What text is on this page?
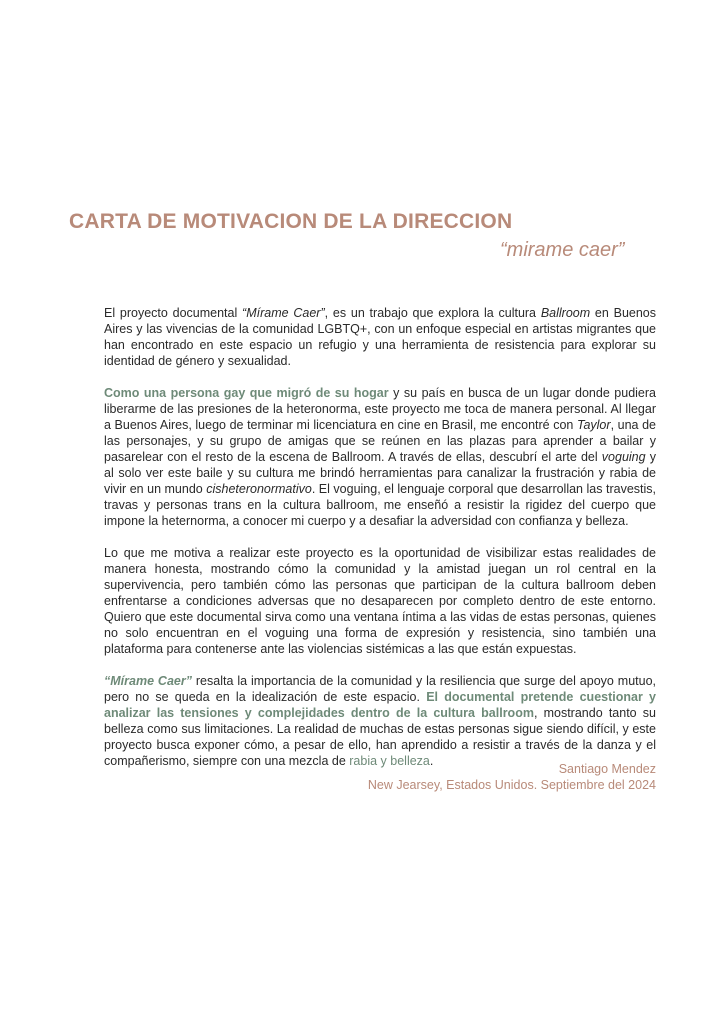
CARTA DE MOTIVACION DE LA DIRECCION
“mirame caer”

El proyecto documental “Mírame Caer”, es un trabajo que explora la cultura Ballroom en Buenos Aires y las vivencias de la comunidad LGBTQ+, con un enfoque especial en artistas migrantes que han encontrado en este espacio un refugio y una herramienta de resistencia para explorar su identidad de género y sexualidad.

Como una persona gay que migró de su hogar y su país en busca de un lugar donde pudiera liberarme de las presiones de la heteronorma, este proyecto me toca de manera personal. Al llegar a Buenos Aires, luego de terminar mi licenciatura en cine en Brasil, me encontré con Taylor, una de las personajes, y su grupo de amigas que se reúnen en las plazas para aprender a bailar y pasarelear con el resto de la escena de Ballroom. A través de ellas, descubrí el arte del voguing y al solo ver este baile y su cultura me brindó herramientas para canalizar la frustración y rabia de vivir en un mundo cisheteronormativo. El voguing, el lenguaje corporal que desarrollan las travestis, travas y personas trans en la cultura ballroom, me enseñó a resistir la rigidez del cuerpo que impone la heternorma, a conocer mi cuerpo y a desafiar la adversidad con confianza y belleza.

Lo que me motiva a realizar este proyecto es la oportunidad de visibilizar estas realidades de manera honesta, mostrando cómo la comunidad y la amistad juegan un rol central en la supervivencia, pero también cómo las personas que participan de la cultura ballroom deben enfrentarse a condiciones adversas que no desaparecen por completo dentro de este entorno. Quiero que este documental sirva como una ventana íntima a las vidas de estas personas, quienes no solo encuentran en el voguing una forma de expresión y resistencia, sino también una plataforma para contenerse ante las violencias sistémicas a las que están expuestas.

“Mírame Caer” resalta la importancia de la comunidad y la resiliencia que surge del apoyo mutuo, pero no se queda en la idealización de este espacio. El documental pretende cuestionar y analizar las tensiones y complejidades dentro de la cultura ballroom, mostrando tanto su belleza como sus limitaciones. La realidad de muchas de estas personas sigue siendo difícil, y este proyecto busca exponer cómo, a pesar de ello, han aprendido a resistir a través de la danza y el compañerismo, siempre con una mezcla de rabia y belleza.

Santiago Mendez
New Jearsey, Estados Unidos. Septiembre del 2024
